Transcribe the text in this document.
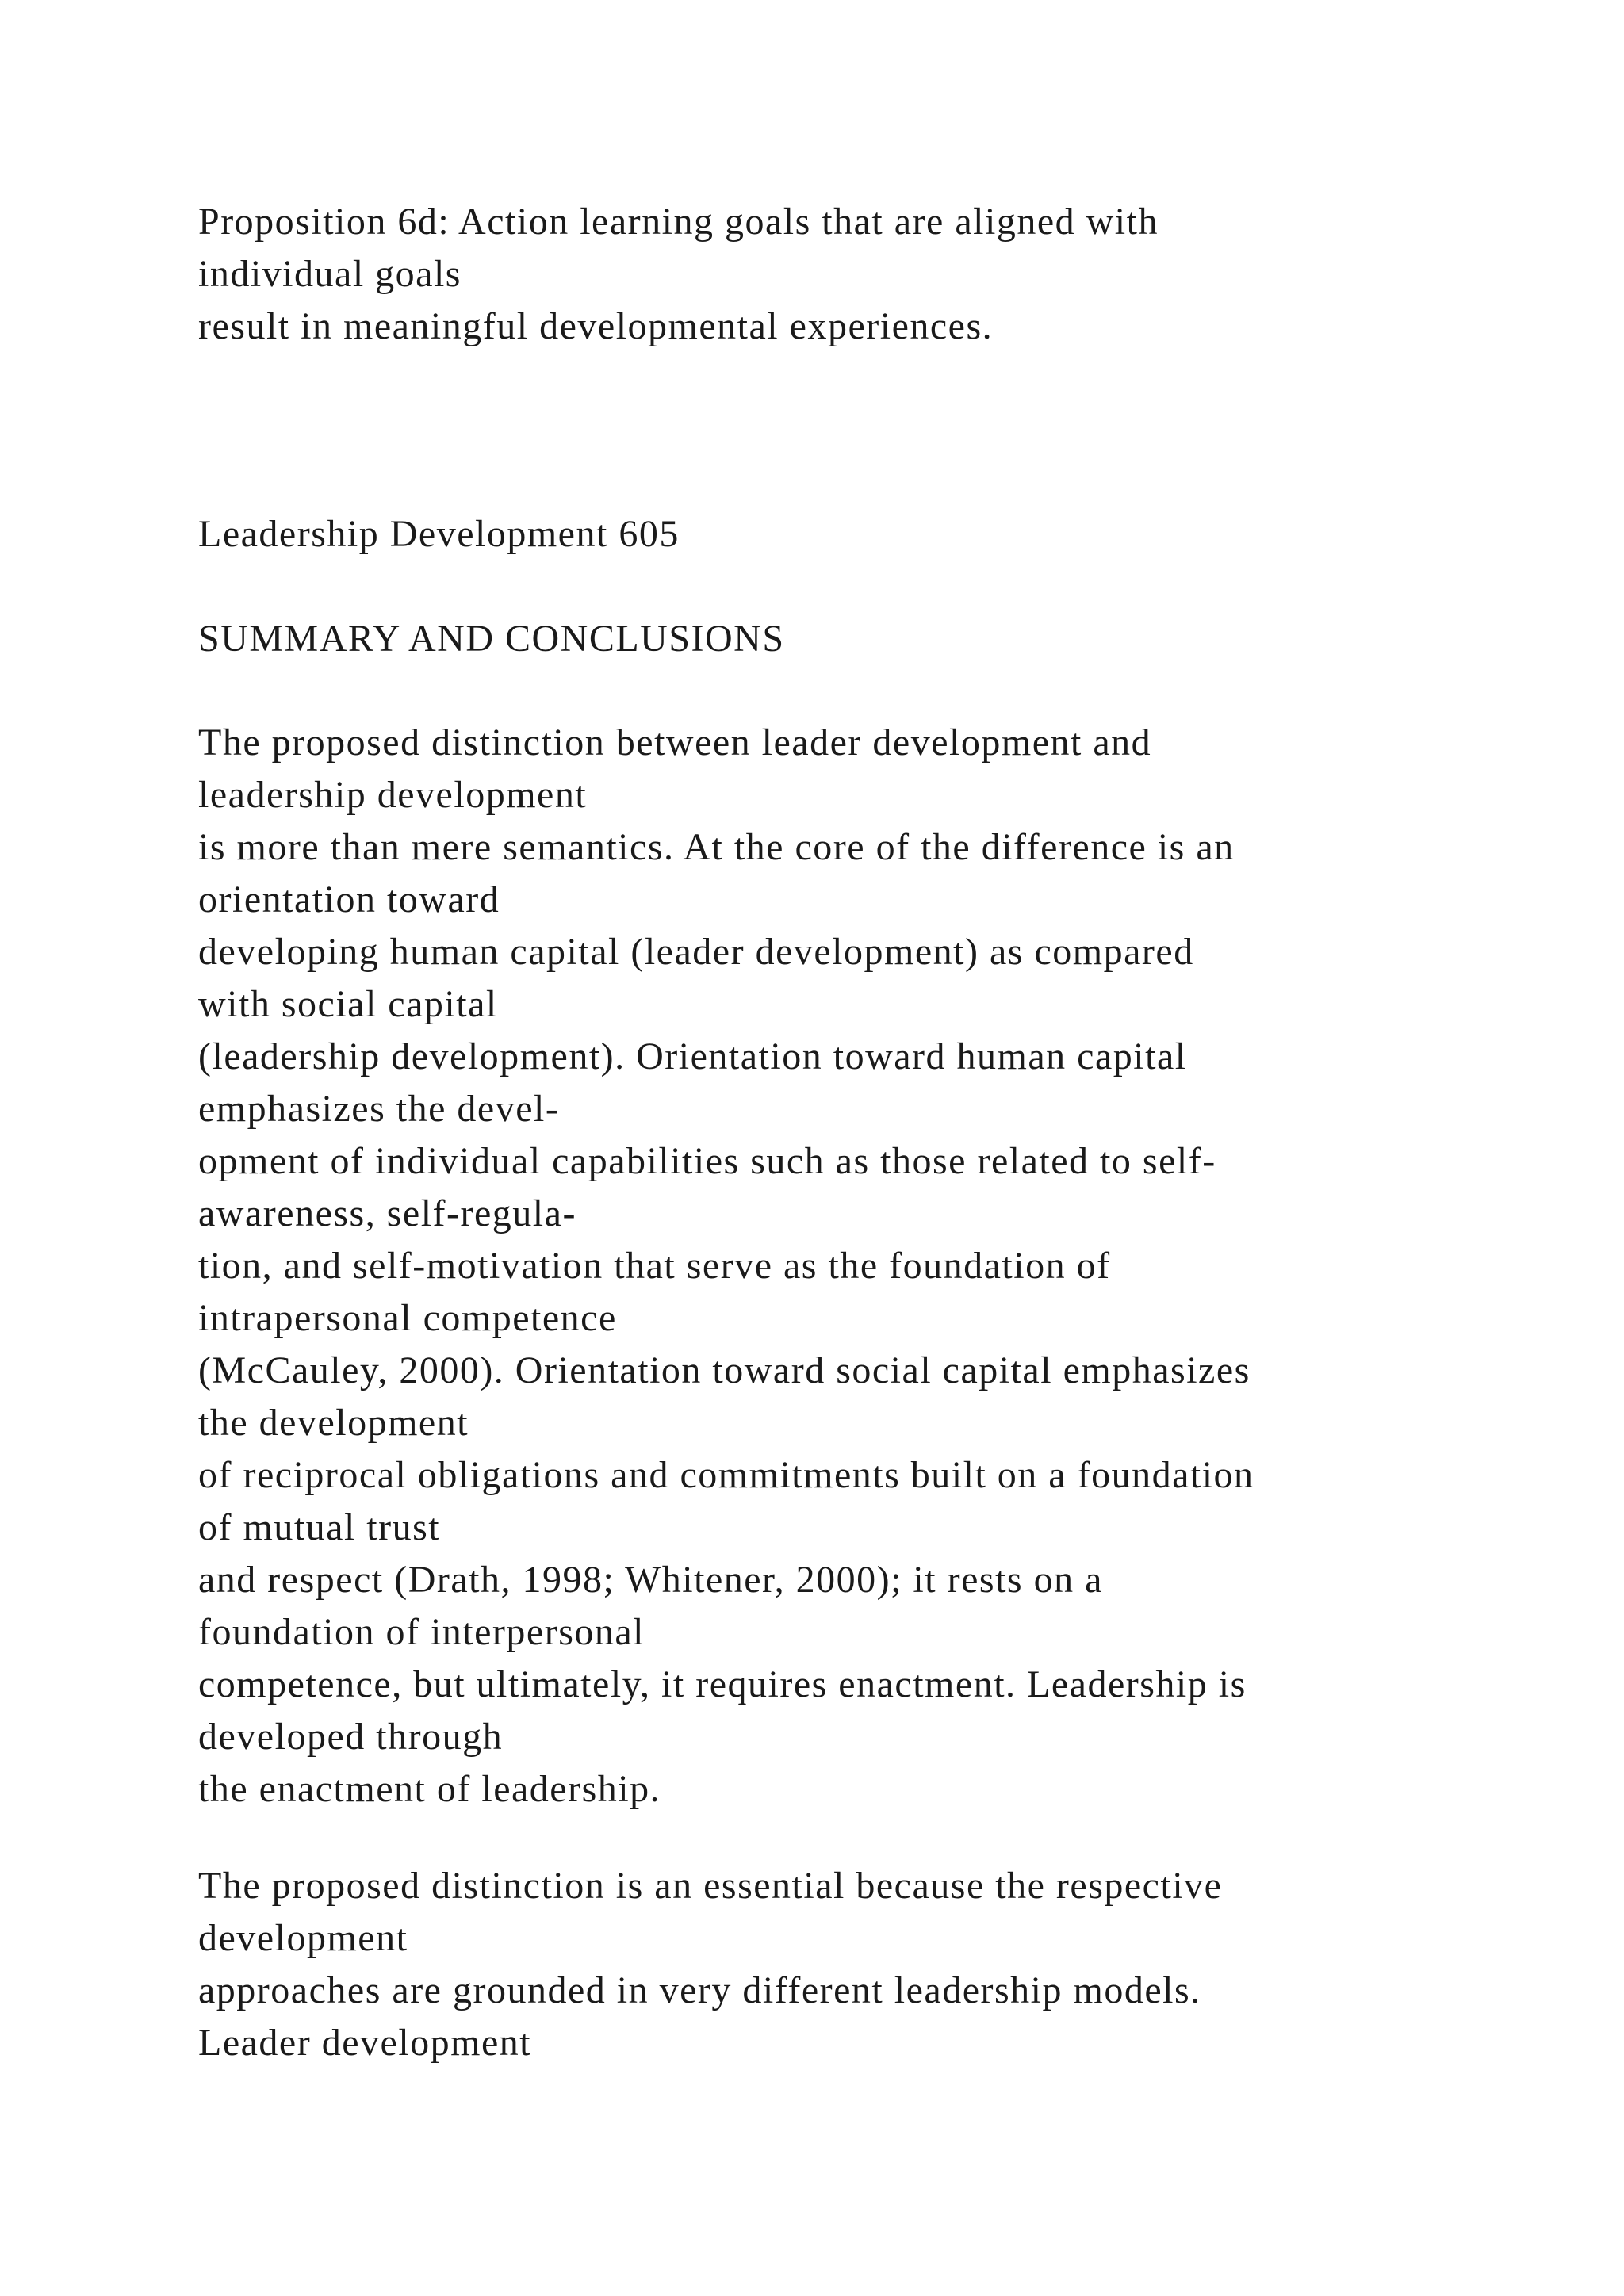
Proposition 6d: Action learning goals that are aligned with
individual goals
result in meaningful developmental experiences.
Leadership Development 605
SUMMARY AND CONCLUSIONS
The proposed distinction between leader development and
leadership development
is more than mere semantics. At the core of the difference is an
orientation toward
developing human capital (leader development) as compared
with social capital
(leadership development). Orientation toward human capital
emphasizes the devel-
opment of individual capabilities such as those related to self-
awareness, self-regula-
tion, and self-motivation that serve as the foundation of
intrapersonal competence
(McCauley, 2000). Orientation toward social capital emphasizes
the development
of reciprocal obligations and commitments built on a foundation
of mutual trust
and respect (Drath, 1998; Whitener, 2000); it rests on a
foundation of interpersonal
competence, but ultimately, it requires enactment. Leadership is
developed through
the enactment of leadership.
The proposed distinction is an essential because the respective
development
approaches are grounded in very different leadership models.
Leader development
